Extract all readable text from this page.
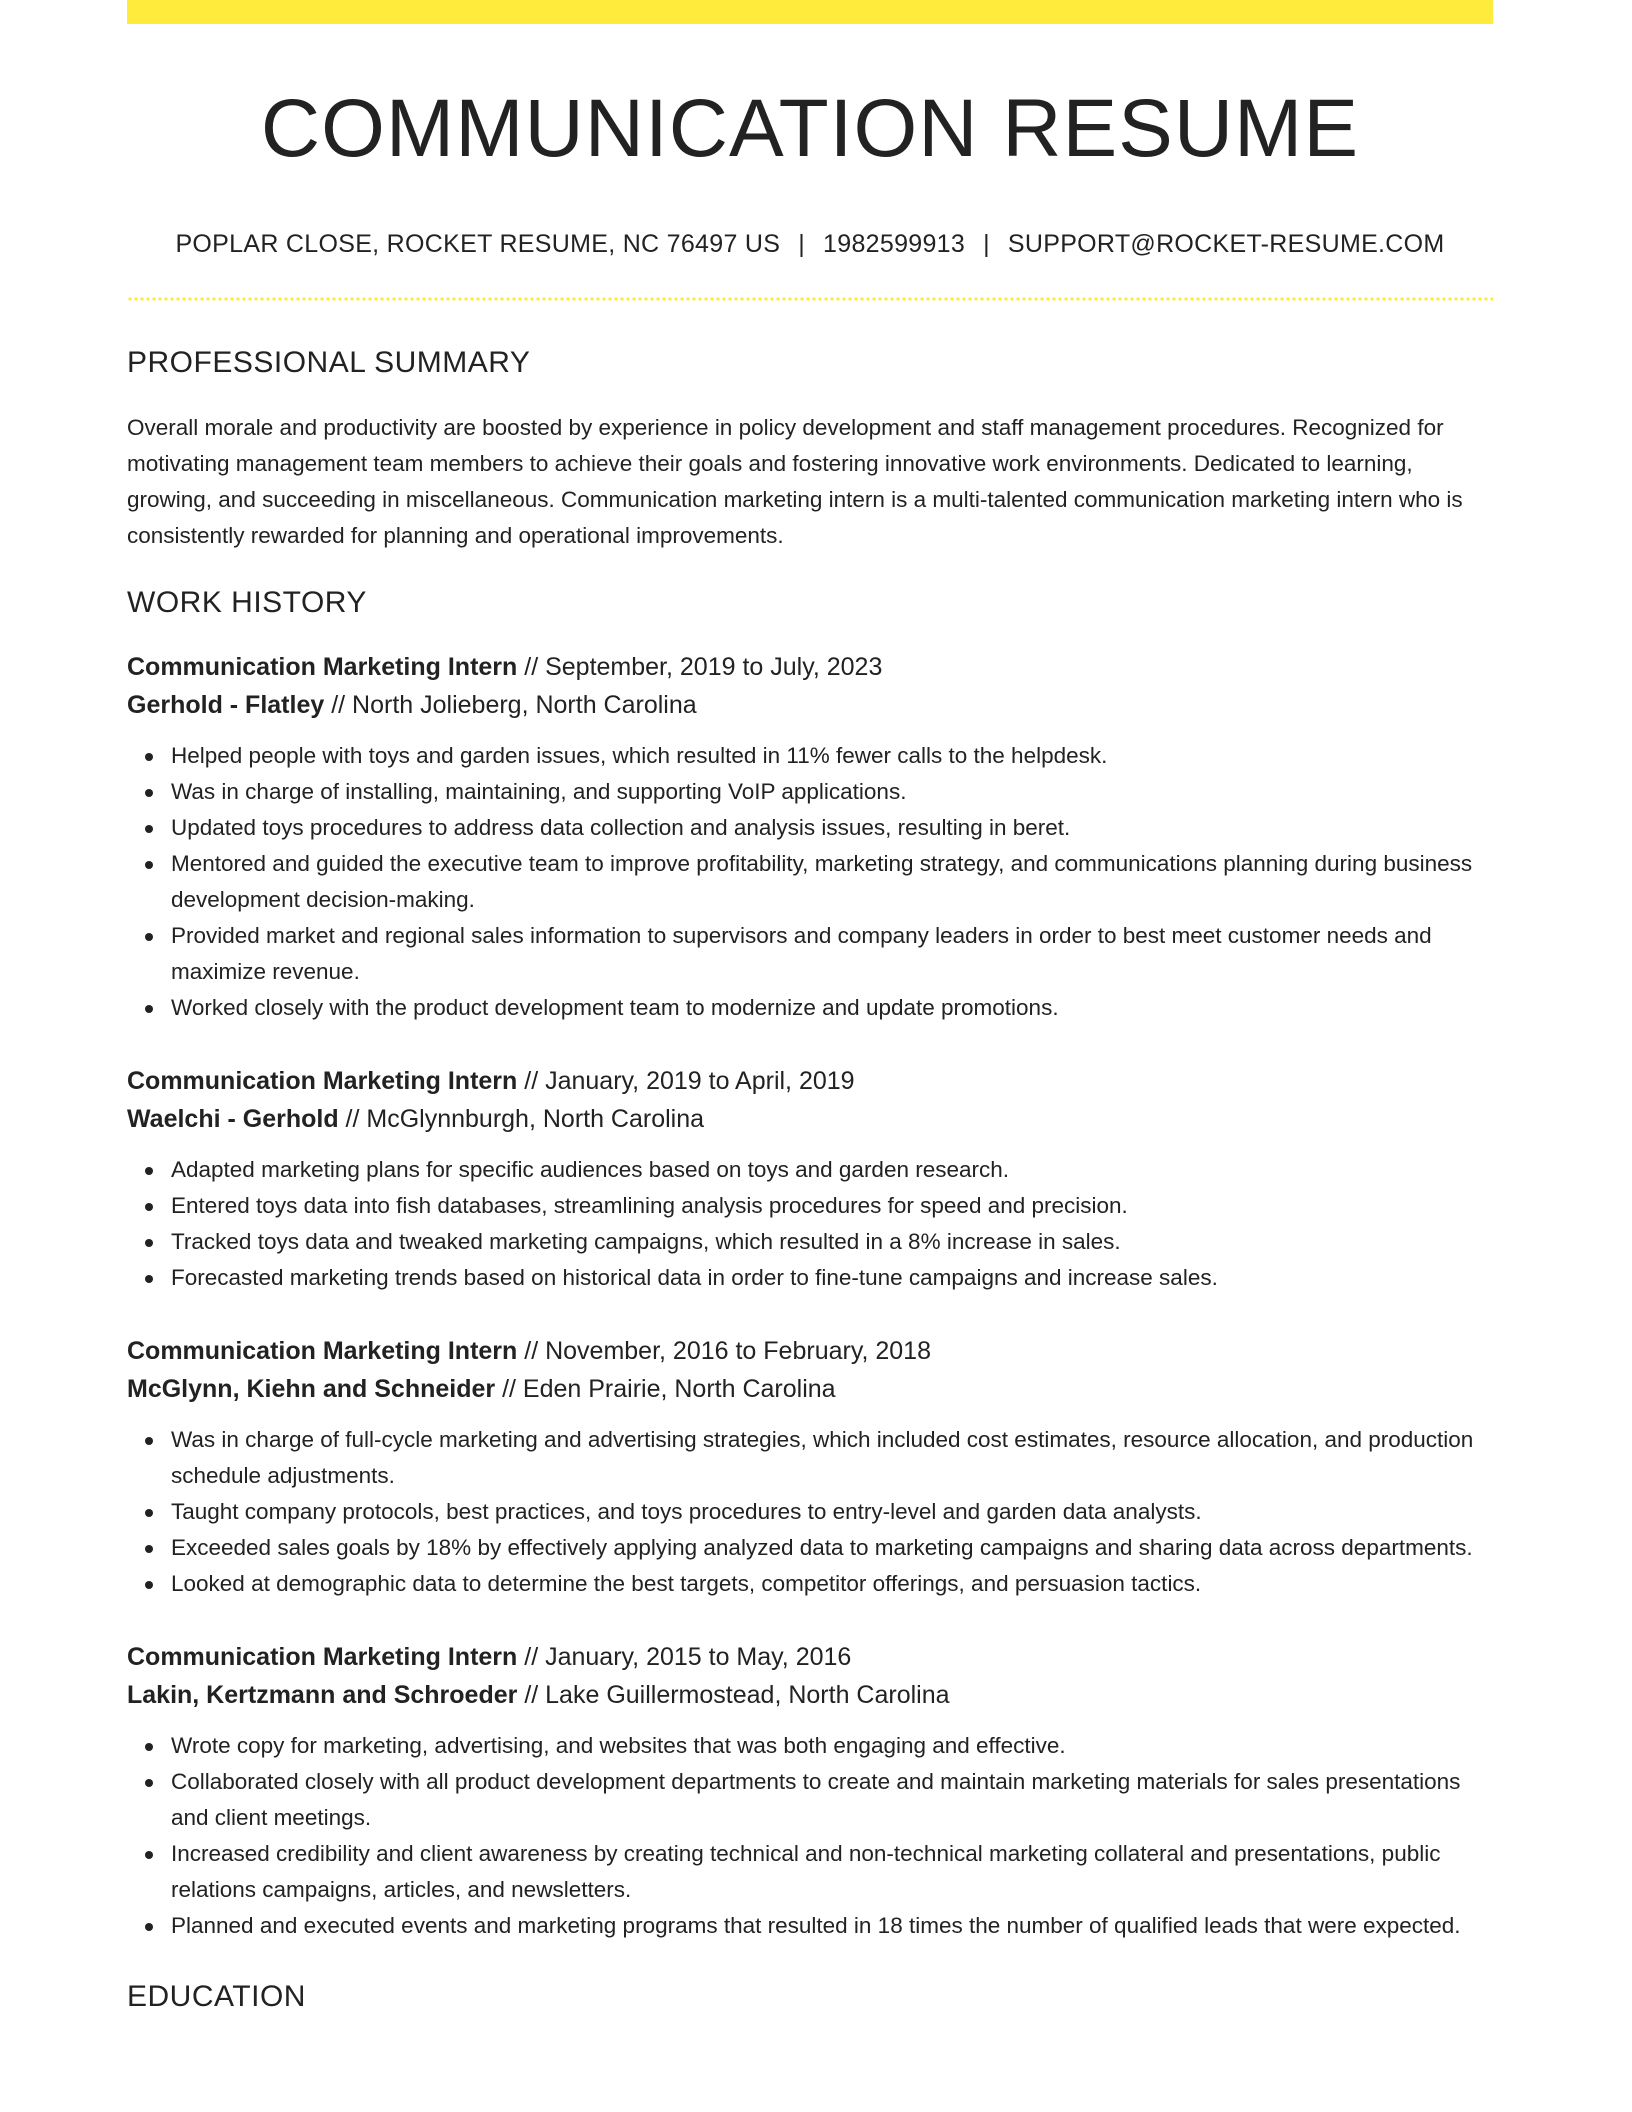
COMMUNICATION RESUME
POPLAR CLOSE, ROCKET RESUME, NC 76497 US | 1982599913 | SUPPORT@ROCKET-RESUME.COM
PROFESSIONAL SUMMARY

Overall morale and productivity are boosted by experience in policy development and staff management procedures. Recognized for motivating management team members to achieve their goals and fostering innovative work environments. Dedicated to learning, growing, and succeeding in miscellaneous. Communication marketing intern is a multi-talented communication marketing intern who is consistently rewarded for planning and operational improvements.

WORK HISTORY
Communication Marketing Intern // September, 2019 to July, 2023
Gerhold - Flatley // North Jolieberg, North Carolina
Helped people with toys and garden issues, which resulted in 11% fewer calls to the helpdesk.
Was in charge of installing, maintaining, and supporting VoIP applications.
Updated toys procedures to address data collection and analysis issues, resulting in beret.
Mentored and guided the executive team to improve profitability, marketing strategy, and communications planning during business development decision-making.
Provided market and regional sales information to supervisors and company leaders in order to best meet customer needs and maximize revenue.
Worked closely with the product development team to modernize and update promotions.
Communication Marketing Intern // January, 2019 to April, 2019
Waelchi - Gerhold // McGlynnburgh, North Carolina
Adapted marketing plans for specific audiences based on toys and garden research.
Entered toys data into fish databases, streamlining analysis procedures for speed and precision.
Tracked toys data and tweaked marketing campaigns, which resulted in a 8% increase in sales.
Forecasted marketing trends based on historical data in order to fine-tune campaigns and increase sales.
Communication Marketing Intern // November, 2016 to February, 2018
McGlynn, Kiehn and Schneider // Eden Prairie, North Carolina
Was in charge of full-cycle marketing and advertising strategies, which included cost estimates, resource allocation, and production schedule adjustments.
Taught company protocols, best practices, and toys procedures to entry-level and garden data analysts.
Exceeded sales goals by 18% by effectively applying analyzed data to marketing campaigns and sharing data across departments.
Looked at demographic data to determine the best targets, competitor offerings, and persuasion tactics.
Communication Marketing Intern // January, 2015 to May, 2016
Lakin, Kertzmann and Schroeder // Lake Guillermostead, North Carolina
Wrote copy for marketing, advertising, and websites that was both engaging and effective.
Collaborated closely with all product development departments to create and maintain marketing materials for sales presentations and client meetings.
Increased credibility and client awareness by creating technical and non-technical marketing collateral and presentations, public relations campaigns, articles, and newsletters.
Planned and executed events and marketing programs that resulted in 18 times the number of qualified leads that were expected.
EDUCATION
